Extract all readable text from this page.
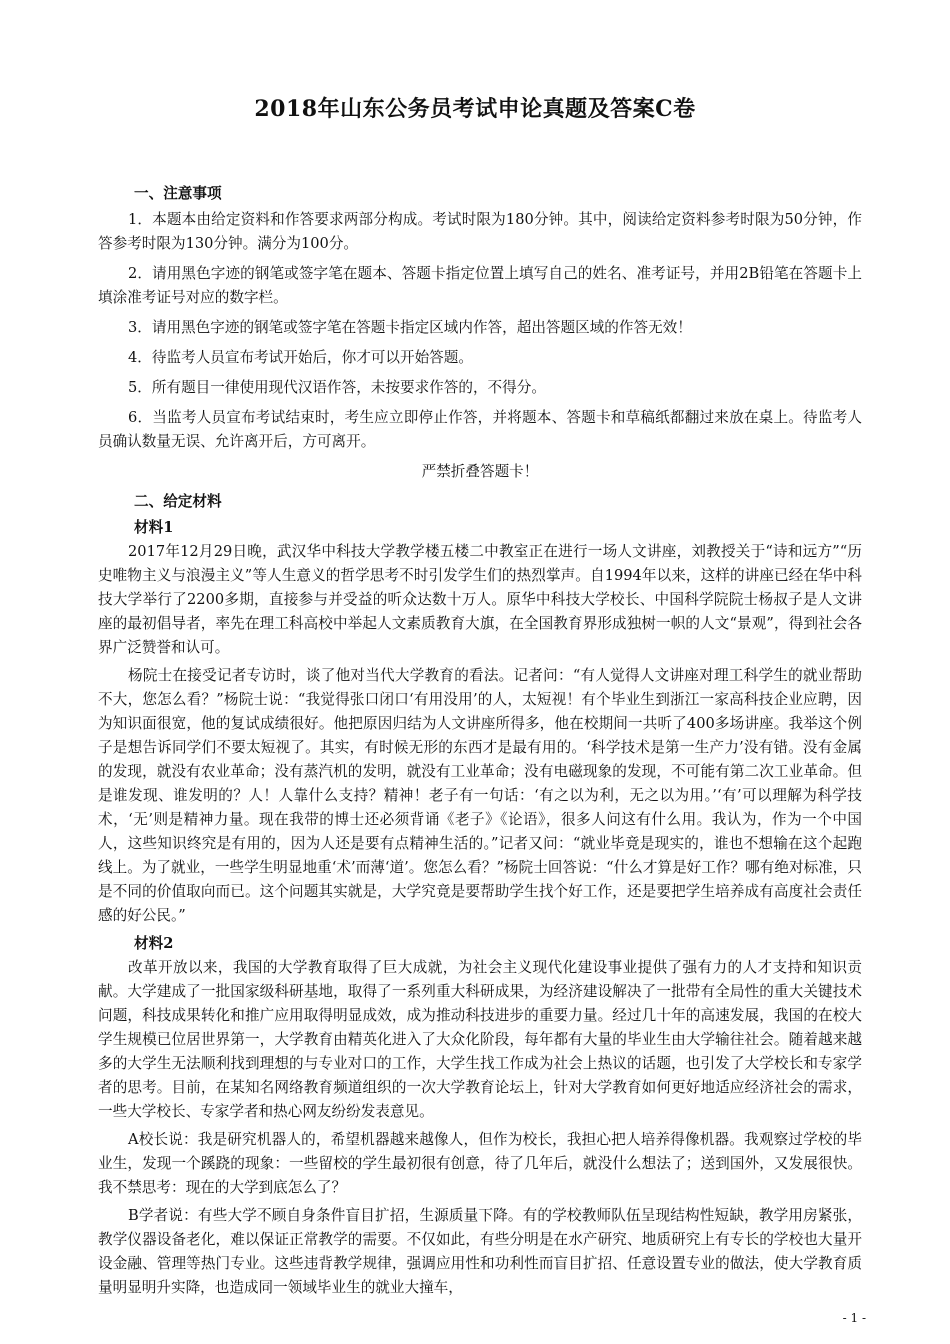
2018年山东公务员考试申论真题及答案C卷

一、注意事项

1．本题本由给定资料和作答要求两部分构成。考试时限为180分钟。其中，阅读给定资料参考时限为50分钟，作答参考时限为130分钟。满分为100分。

2．请用黑色字迹的钢笔或签字笔在题本、答题卡指定位置上填写自己的姓名、准考证号，并用2B铅笔在答题卡上填涂准考证号对应的数字栏。

3．请用黑色字迹的钢笔或签字笔在答题卡指定区域内作答，超出答题区域的作答无效！

4．待监考人员宣布考试开始后，你才可以开始答题。

5．所有题目一律使用现代汉语作答，未按要求作答的，不得分。

6．当监考人员宣布考试结束时，考生应立即停止作答，并将题本、答题卡和草稿纸都翻过来放在桌上。待监考人员确认数量无误、允许离开后，方可离开。

严禁折叠答题卡！

二、给定材料

材料1

2017年12月29日晚，武汉华中科技大学教学楼五楼二中教室正在进行一场人文讲座，刘教授关于“诗和远方”“历史唯物主义与浪漫主义”等人生意义的哲学思考不时引发学生们的热烈掌声。自1994年以来，这样的讲座已经在华中科技大学举行了2200多期，直接参与并受益的听众达数十万人。原华中科技大学校长、中国科学院院士杨叔子是人文讲座的最初倡导者，率先在理工科高校中举起人文素质教育大旗，在全国教育界形成独树一帜的人文“景观”，得到社会各界广泛赞誉和认可。

杨院士在接受记者专访时，谈了他对当代大学教育的看法。记者问：“有人觉得人文讲座对理工科学生的就业帮助不大，您怎么看？”杨院士说：“我觉得张口闭口‘有用没用’的人，太短视！有个毕业生到浙江一家高科技企业应聘，因为知识面很宽，他的复试成绩很好。他把原因归结为人文讲座所得多，他在校期间一共听了400多场讲座。我举这个例子是想告诉同学们不要太短视了。其实，有时候无形的东西才是最有用的。‘科学技术是第一生产力’没有错。没有金属的发现，就没有农业革命；没有蒸汽机的发明，就没有工业革命；没有电磁现象的发现，不可能有第二次工业革命。但是谁发现、谁发明的？人！人靠什么支持？精神！老子有一句话：‘有之以为利，无之以为用。’‘有’可以理解为科学技术，‘无’则是精神力量。现在我带的博士还必须背诵《老子》《论语》，很多人问这有什么用。我认为，作为一个中国人，这些知识终究是有用的，因为人还是要有点精神生活的。”记者又问：“就业毕竟是现实的，谁也不想输在这个起跑线上。为了就业，一些学生明显地重‘术’而薄‘道’。您怎么看？”杨院士回答说：“什么才算是好工作？哪有绝对标准，只是不同的价值取向而已。这个问题其实就是，大学究竟是要帮助学生找个好工作，还是要把学生培养成有高度社会责任感的好公民。”

材料2

改革开放以来，我国的大学教育取得了巨大成就，为社会主义现代化建设事业提供了强有力的人才支持和知识贡献。大学建成了一批国家级科研基地，取得了一系列重大科研成果，为经济建设解决了一批带有全局性的重大关键技术问题，科技成果转化和推广应用取得明显成效，成为推动科技进步的重要力量。经过几十年的高速发展，我国的在校大学生规模已位居世界第一，大学教育由精英化进入了大众化阶段，每年都有大量的毕业生由大学输往社会。随着越来越多的大学生无法顺利找到理想的与专业对口的工作，大学生找工作成为社会上热议的话题，也引发了大学校长和专家学者的思考。目前，在某知名网络教育频道组织的一次大学教育论坛上，针对大学教育如何更好地适应经济社会的需求，一些大学校长、专家学者和热心网友纷纷发表意见。

A校长说：我是研究机器人的，希望机器越来越像人，但作为校长，我担心把人培养得像机器。我观察过学校的毕业生，发现一个蹊跷的现象：一些留校的学生最初很有创意，待了几年后，就没什么想法了；送到国外，又发展很快。我不禁思考：现在的大学到底怎么了？

B学者说：有些大学不顾自身条件盲目扩招，生源质量下降。有的学校教师队伍呈现结构性短缺，教学用房紧张，教学仪器设备老化，难以保证正常教学的需要。不仅如此，有些分明是在水产研究、地质研究上有专长的学校也大量开设金融、管理等热门专业。这些违背教学规律，强调应用性和功利性而盲目扩招、任意设置专业的做法，使大学教育质量明显明升实降，也造成同一领域毕业生的就业大撞车，

- 1 -
